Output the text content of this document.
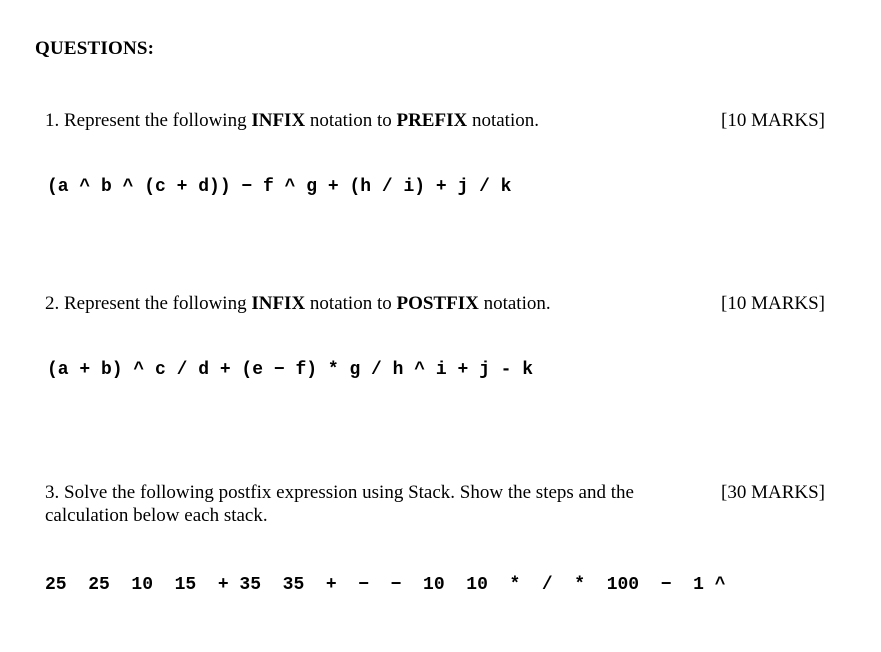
QUESTIONS:
1. Represent the following INFIX notation to PREFIX notation.	[10 MARKS]
(a ^ b ^ (c + d)) − f ^ g + (h / i) + j / k
2. Represent the following INFIX notation to POSTFIX notation.	[10 MARKS]
(a + b) ^ c / d + (e − f) * g / h ^ i + j - k
3. Solve the following postfix expression using Stack. Show the steps and the calculation below each stack.
[30 MARKS]
25  25  10  15  + 35  35  +  −  −  10  10  *  /  *  100  −  1 ^
